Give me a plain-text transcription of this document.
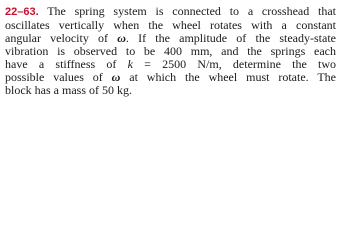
22–63. The spring system is connected to a crosshead that
oscillates vertically when the wheel rotates with a constant
angular velocity of ω. If the amplitude of the steady-state
vibration is observed to be 400 mm, and the springs each
have a stiffness of k = 2500 N/m, determine the two
possible values of ω at which the wheel must rotate. The
block has a mass of 50 kg.
